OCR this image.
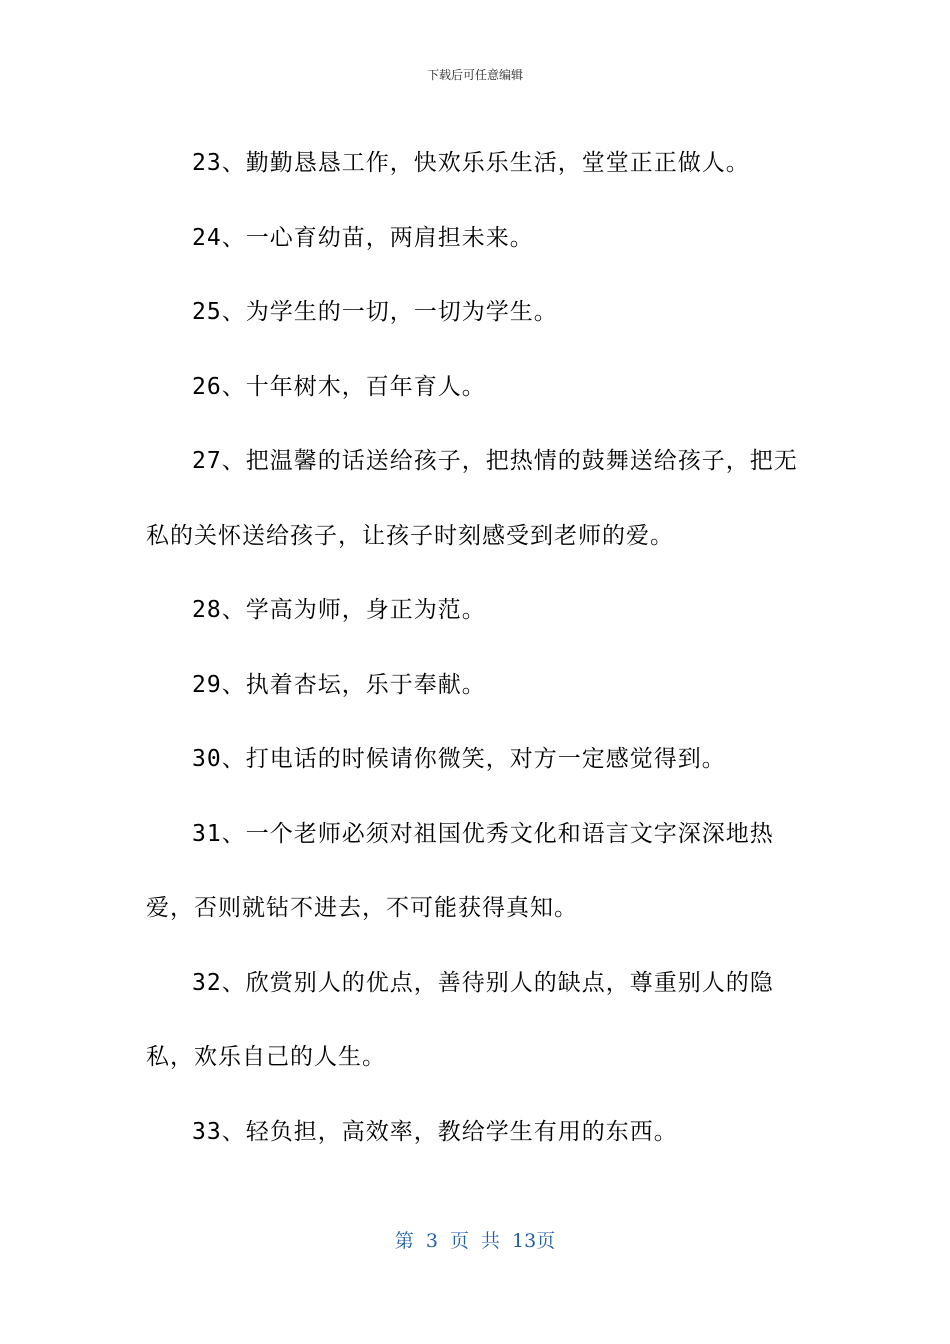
下载后可任意编辑

23、勤勤恳恳工作，快欢乐乐生活，堂堂正正做人。

24、一心育幼苗，两肩担未来。

25、为学生的一切，一切为学生。

26、十年树木，百年育人。

27、把温馨的话送给孩子，把热情的鼓舞送给孩子，把无私的关怀送给孩子，让孩子时刻感受到老师的爱。

28、学高为师，身正为范。

29、执着杏坛，乐于奉献。

30、打电话的时候请你微笑，对方一定感觉得到。

31、一个老师必须对祖国优秀文化和语言文字深深地热爱，否则就钻不进去，不可能获得真知。

32、欣赏别人的优点，善待别人的缺点，尊重别人的隐私，欢乐自己的人生。

33、轻负担，高效率，教给学生有用的东西。

第 3 页 共 13页
